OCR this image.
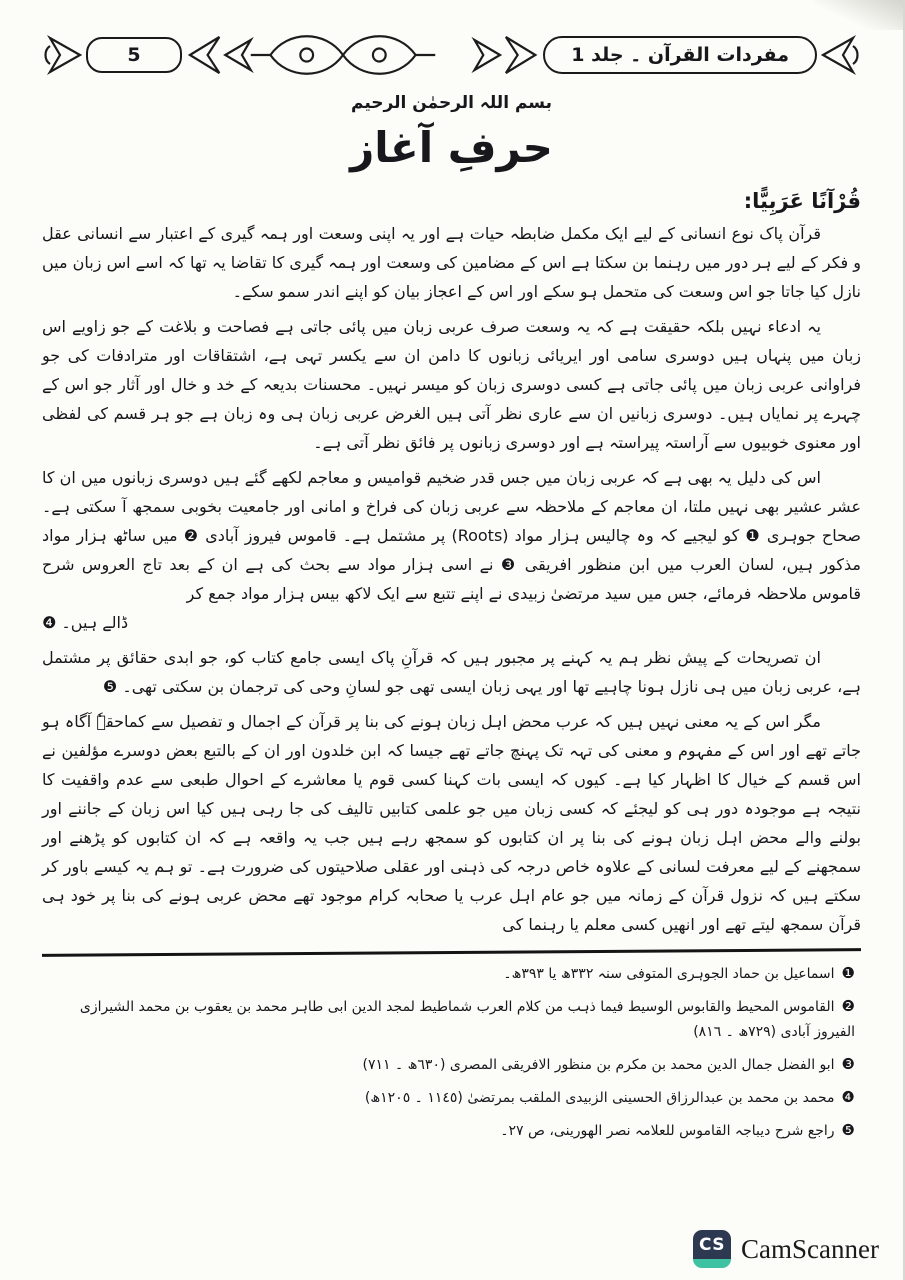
5	مفردات القرآن ۔ جلد 1
بسم اللہ الرحمٰن الرحیم
حرفِ آغاز
قُرْآنًا عَرَبِيًّا:
قرآن پاک نوع انسانی کے لیے ایک مکمل ضابطہ حیات ہے اور یہ اپنی وسعت اور ہمہ گیری کے اعتبار سے انسانی عقل و فکر کے لیے ہر دور میں رہنما بن سکتا ہے اس کے مضامین کی وسعت اور ہمہ گیری کا تقاضا یہ تھا کہ اسے اس زبان میں نازل کیا جاتا جو اس وسعت کی متحمل ہو سکے اور اس کے اعجاز بیان کو اپنے اندر سمو سکے۔
یہ ادعاء نہیں بلکہ حقیقت ہے کہ یہ وسعت صرف عربی زبان میں پائی جاتی ہے فصاحت و بلاغت کے جو زاویے اس زبان میں پنہاں ہیں دوسری سامی اور ایریائی زبانوں کا دامن ان سے یکسر تہی ہے، اشتقاقات اور مترادفات کی جو فراوانی عربی زبان میں پائی جاتی ہے کسی دوسری زبان کو میسر نہیں۔ محسنات بدیعہ کے خد و خال اور آثار جو اس کے چہرے پر نمایاں ہیں۔ دوسری زبانیں ان سے عاری نظر آتی ہیں الغرض عربی زبان ہی وہ زبان ہے جو ہر قسم کی لفظی اور معنوی خوبیوں سے آراستہ پیراستہ ہے اور دوسری زبانوں پر فائق نظر آتی ہے۔
اس کی دلیل یہ بھی ہے کہ عربی زبان میں جس قدر ضخیم قوامیس و معاجم لکھے گئے ہیں دوسری زبانوں میں ان کا عشر عشیر بھی نہیں ملتا، ان معاجم کے ملاحظہ سے عربی زبان کی فراخ و امانی اور جامعیت بخوبی سمجھ آ سکتی ہے۔ صحاح جوہری ❶ کو لیجیے کہ وہ چالیس ہزار مواد (Roots) پر مشتمل ہے۔ قاموس فیروز آبادی ❷ میں ساٹھ ہزار مواد مذکور ہیں، لسان العرب میں ابن منظور افریقی ❸ نے اسی ہزار مواد سے بحث کی ہے ان کے بعد تاج العروس شرح قاموس ملاحظہ فرمائے، جس میں سید مرتضیٰ زبیدی نے اپنے تتبع سے ایک لاکھ بیس ہزار مواد جمع کر
ڈالے ہیں۔ ❹
ان تصریحات کے پیش نظر ہم یہ کہنے پر مجبور ہیں کہ قرآنِ پاک ایسی جامع کتاب کو، جو ابدی حقائق پر مشتمل ہے، عربی زبان میں ہی نازل ہونا چاہیے تھا اور یہی زبان ایسی تھی جو لسانِ وحی کی ترجمان بن سکتی تھی۔ ❺
مگر اس کے یہ معنی نہیں ہیں کہ عرب محض اہل زبان ہونے کی بنا پر قرآن کے اجمال و تفصیل سے کماحقہٗ آگاہ ہو جاتے تھے اور اس کے مفہوم و معنی کی تہہ تک پہنچ جاتے تھے جیسا کہ ابن خلدون اور ان کے بالتبع بعض دوسرے مؤلفین نے اس قسم کے خیال کا اظہار کیا ہے۔ کیوں کہ ایسی بات کہنا کسی قوم یا معاشرے کے احوال طبعی سے عدم واقفیت کا نتیجہ ہے موجودہ دور ہی کو لیجئے کہ کسی زبان میں جو علمی کتابیں تالیف کی جا رہی ہیں کیا اس زبان کے جاننے اور بولنے والے محض اہل زبان ہونے کی بنا پر ان کتابوں کو سمجھ رہے ہیں جب یہ واقعہ ہے کہ ان کتابوں کو پڑھنے اور سمجھنے کے لیے معرفت لسانی کے علاوہ خاص درجہ کی ذہنی اور عقلی صلاحیتوں کی ضرورت ہے۔ تو ہم یہ کیسے باور کر سکتے ہیں کہ نزول قرآن کے زمانہ میں جو عام اہل عرب یا صحابہ کرام موجود تھے محض عربی ہونے کی بنا پر خود ہی قرآن سمجھ لیتے تھے اور انھیں کسی معلم یا رہنما کی
❶اسماعیل بن حماد الجوہری المتوفی سنہ ٣٣٢ھ یا ٣٩٣ھ۔
❷القاموس المحیط والقابوس الوسیط فیما ذہب من کلام العرب شماطیط لمجد الدین ابی طاہر محمد بن یعقوب بن محمد الشیرازی الفیروز آبادی (٧٢٩ھ ۔ ٨١٦)
❸ابو الفضل جمال الدین محمد بن مکرم بن منظور الافریقی المصری (٦٣٠ھ ۔ ٧١١)
❹محمد بن محمد بن عبدالرزاق الحسینی الزبیدی الملقب بمرتضیٰ (١١٤٥ ۔ ١٢٠٥ھ)
❺راجع شرح دیباجہ القاموس للعلامہ نصر الھورینی، ص ٢٧۔
CS CamScanner
